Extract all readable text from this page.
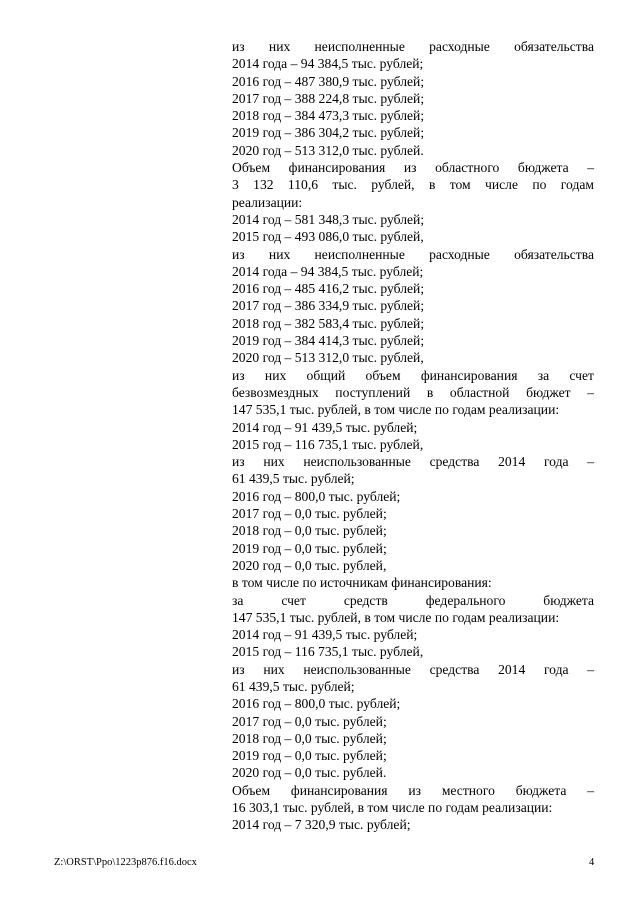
из них неисполненные расходные обязательства
2014 года – 94 384,5 тыс. рублей;
2016 год – 487 380,9 тыс. рублей;
2017 год – 388 224,8 тыс. рублей;
2018 год – 384 473,3 тыс. рублей;
2019 год – 386 304,2 тыс. рублей;
2020 год – 513 312,0 тыс. рублей.
Объем финансирования из областного бюджета –
3 132 110,6 тыс. рублей, в том числе по годам
реализации:
2014 год – 581 348,3 тыс. рублей;
2015 год – 493 086,0 тыс. рублей,
из них неисполненные расходные обязательства
2014 года – 94 384,5 тыс. рублей;
2016 год – 485 416,2 тыс. рублей;
2017 год – 386 334,9 тыс. рублей;
2018 год – 382 583,4 тыс. рублей;
2019 год – 384 414,3 тыс. рублей;
2020 год – 513 312,0 тыс. рублей,
из них общий объем финансирования за счет
безвозмездных поступлений в областной бюджет –
147 535,1 тыс. рублей, в том числе по годам реализации:
2014 год – 91 439,5 тыс. рублей;
2015 год – 116 735,1 тыс. рублей,
из них неиспользованные средства 2014 года –
61 439,5 тыс. рублей;
2016 год – 800,0 тыс. рублей;
2017 год – 0,0 тыс. рублей;
2018 год – 0,0 тыс. рублей;
2019 год – 0,0 тыс. рублей;
2020 год – 0,0 тыс. рублей,
в том числе по источникам финансирования:
за счет средств федерального бюджета
147 535,1 тыс. рублей, в том числе по годам реализации:
2014 год – 91 439,5 тыс. рублей;
2015 год – 116 735,1 тыс. рублей,
из них неиспользованные средства 2014 года –
61 439,5 тыс. рублей;
2016 год – 800,0 тыс. рублей;
2017 год – 0,0 тыс. рублей;
2018 год – 0,0 тыс. рублей;
2019 год – 0,0 тыс. рублей;
2020 год – 0,0 тыс. рублей.
Объем финансирования из местного бюджета –
16 303,1 тыс. рублей, в том числе по годам реализации:
2014 год – 7 320,9 тыс. рублей;
Z:\ORST\Ppo\1223p876.f16.docx	4
